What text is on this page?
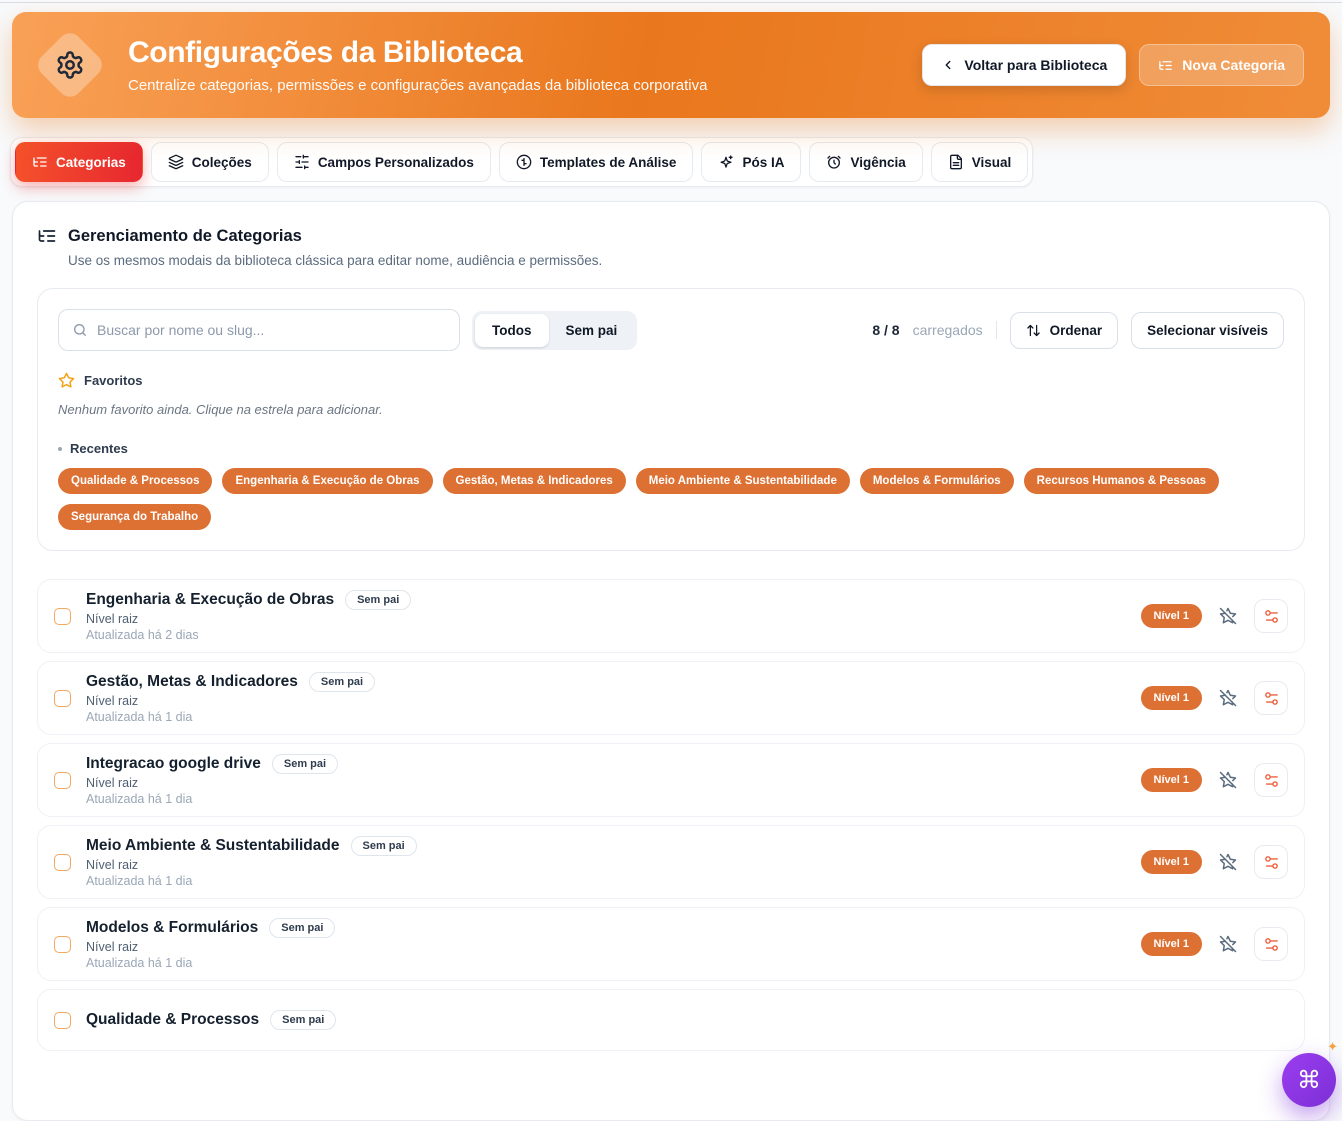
Configurações da Biblioteca
Centralize categorias, permissões e configurações avançadas da biblioteca corporativa
Voltar para Biblioteca	Nova Categoria
Categorias	Coleções	Campos Personalizados	Templates de Análise	Pós IA	Vigência	Visual
Gerenciamento de Categorias
Use os mesmos modais da biblioteca clássica para editar nome, audiência e permissões.
Buscar por nome ou slug...
Todos	Sem pai	8 / 8 carregados	Ordenar	Selecionar visíveis
Favoritos
Nenhum favorito ainda. Clique na estrela para adicionar.
Recentes
Qualidade & Processos	Engenharia & Execução de Obras	Gestão, Metas & Indicadores	Meio Ambiente & Sustentabilidade	Modelos & Formulários	Recursos Humanos & Pessoas
Segurança do Trabalho
Engenharia & Execução de Obras	Sem pai
Nível raiz
Atualizada há 2 dias
Nível 1
Gestão, Metas & Indicadores	Sem pai
Nível raiz
Atualizada há 1 dia
Nível 1
Integracao google drive	Sem pai
Nível raiz
Atualizada há 1 dia
Nível 1
Meio Ambiente & Sustentabilidade	Sem pai
Nível raiz
Atualizada há 1 dia
Nível 1
Modelos & Formulários	Sem pai
Nível raiz
Atualizada há 1 dia
Nível 1
Qualidade & Processos	Sem pai
✦
⌘
